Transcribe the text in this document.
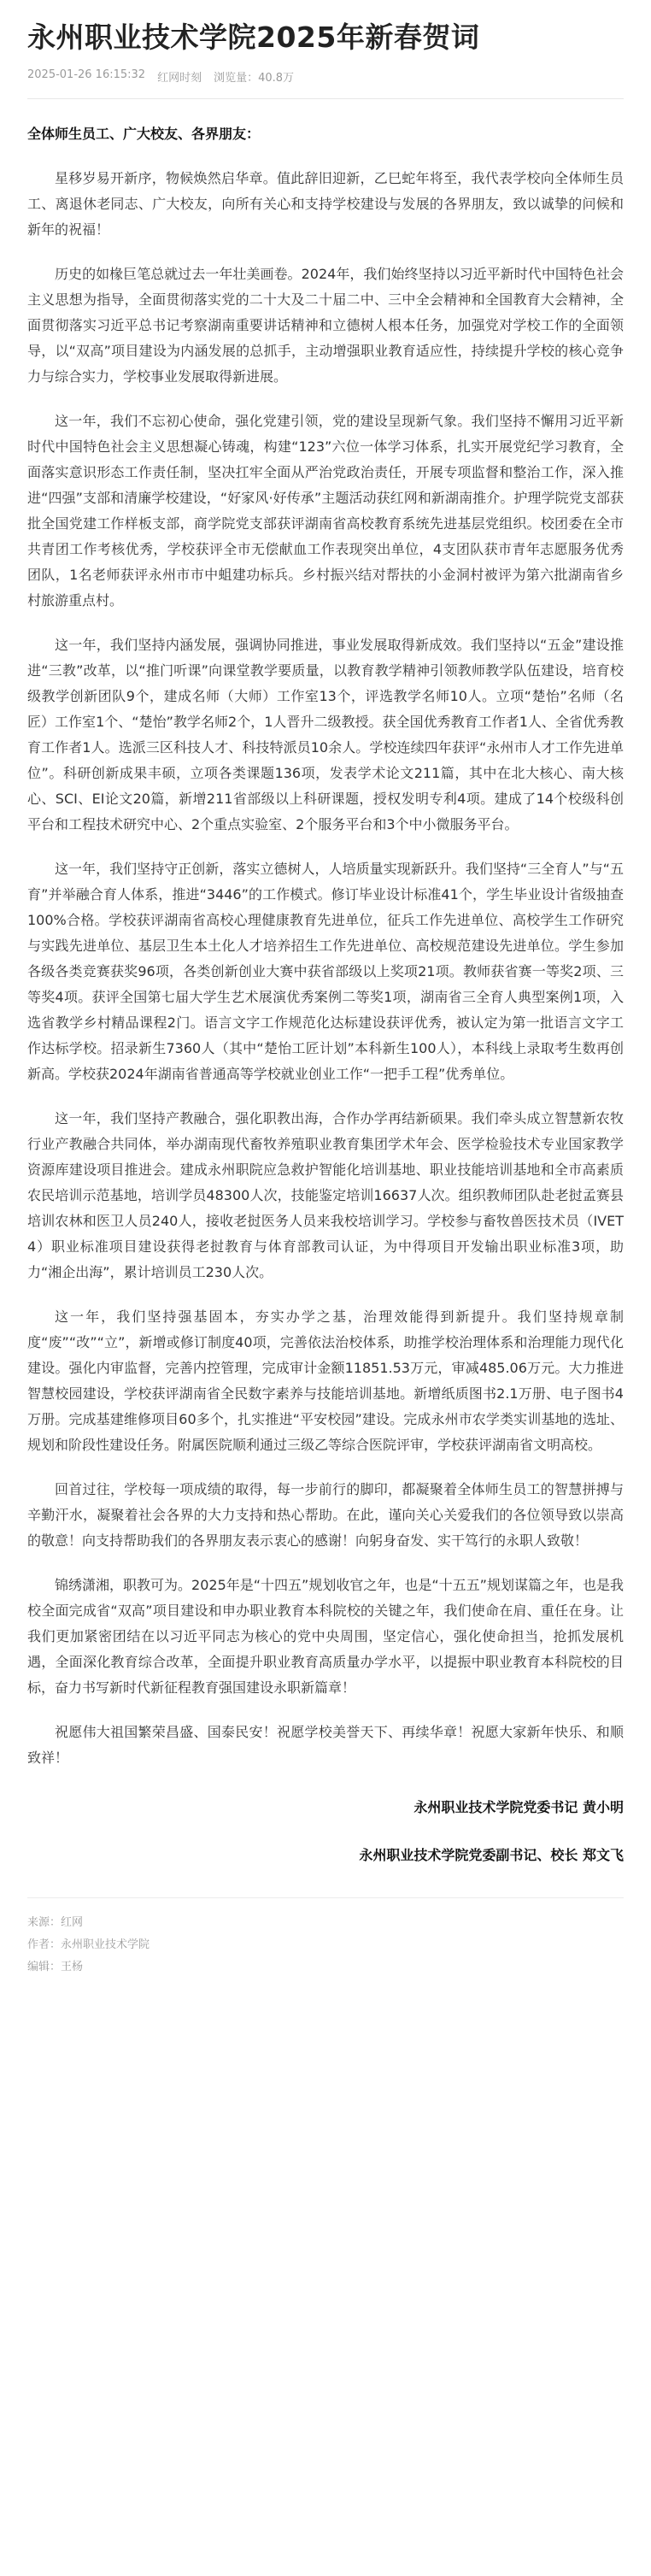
永州职业技术学院2025年新春贺词
2025-01-26 16:15:32 红网时刻 浏览量：40.8万

全体师生员工、广大校友、各界朋友：

星移岁易开新序，物候焕然启华章。值此辞旧迎新，乙巳蛇年将至，我代表学校向全体师生员工、离退休老同志、广大校友，向所有关心和支持学校建设与发展的各界朋友，致以诚挚的问候和新年的祝福！

历史的如椽巨笔总就过去一年壮美画卷。2024年，我们始终坚持以习近平新时代中国特色社会主义思想为指导，全面贯彻落实党的二十大及二十届二中、三中全会精神和全国教育大会精神，全面贯彻落实习近平总书记考察湖南重要讲话精神和立德树人根本任务，加强党对学校工作的全面领导，以“双高”项目建设为内涵发展的总抓手，主动增强职业教育适应性，持续提升学校的核心竞争力与综合实力，学校事业发展取得新进展。

这一年，我们不忘初心使命，强化党建引领，党的建设呈现新气象。我们坚持不懈用习近平新时代中国特色社会主义思想凝心铸魂，构建“123”六位一体学习体系，扎实开展党纪学习教育，全面落实意识形态工作责任制，坚决扛牢全面从严治党政治责任，开展专项监督和整治工作，深入推进“四强”支部和清廉学校建设，“好家风·好传承”主题活动获红网和新湖南推介。护理学院党支部获批全国党建工作样板支部，商学院党支部获评湖南省高校教育系统先进基层党组织。校团委在全市共青团工作考核优秀，学校获评全市无偿献血工作表现突出单位，4支团队获市青年志愿服务优秀团队，1名老师获评永州市市中蛆建功标兵。乡村振兴结对帮扶的小金洞村被评为第六批湖南省乡村旅游重点村。

这一年，我们坚持内涵发展，强调协同推进，事业发展取得新成效。我们坚持以“五金”建设推进“三教”改革，以“推门听课”向课堂教学要质量，以教育教学精神引领教师教学队伍建设，培育校级教学创新团队9个，建成名师（大师）工作室13个，评选教学名师10人。立项“楚怡”名师（名匠）工作室1个、“楚怡”教学名师2个，1人晋升二级教授。获全国优秀教育工作者1人、全省优秀教育工作者1人。选派三区科技人才、科技特派员10余人。学校连续四年获评“永州市人才工作先进单位”。科研创新成果丰硕，立项各类课题136项，发表学术论文211篇，其中在北大核心、南大核心、SCI、EI论文20篇，新增211省部级以上科研课题，授权发明专利4项。建成了14个校级科创平台和工程技术研究中心、2个重点实验室、2个服务平台和3个中小微服务平台。

这一年，我们坚持守正创新，落实立德树人，人培质量实现新跃升。我们坚持“三全育人”与“五育”并举融合育人体系，推进“3446”的工作模式。修订毕业设计标准41个，学生毕业设计省级抽查100%合格。学校获评湖南省高校心理健康教育先进单位，征兵工作先进单位、高校学生工作研究与实践先进单位、基层卫生本土化人才培养招生工作先进单位、高校规范建设先进单位。学生参加各级各类竞赛获奖96项，各类创新创业大赛中获省部级以上奖项21项。教师获省赛一等奖2项、三等奖4项。获评全国第七届大学生艺术展演优秀案例二等奖1项，湖南省三全育人典型案例1项，入选省教学乡村精品课程2门。语言文字工作规范化达标建设获评优秀，被认定为第一批语言文字工作达标学校。招录新生7360人（其中“楚怡工匠计划”本科新生100人），本科线上录取考生数再创新高。学校获2024年湖南省普通高等学校就业创业工作“一把手工程”优秀单位。

这一年，我们坚持产教融合，强化职教出海，合作办学再结新硕果。我们牵头成立智慧新农牧行业产教融合共同体，举办湖南现代畜牧养殖职业教育集团学术年会、医学检验技术专业国家教学资源库建设项目推进会。建成永州职院应急救护智能化培训基地、职业技能培训基地和全市高素质农民培训示范基地，培训学员48300人次，技能鉴定培训16637人次。组织教师团队赴老挝孟赛县培训农林和医卫人员240人，接收老挝医务人员来我校培训学习。学校参与畜牧兽医技术员（IVET4）职业标准项目建设获得老挝教育与体育部教司认证，为中得项目开发输出职业标准3项，助力“湘企出海”，累计培训员工230人次。

这一年，我们坚持强基固本，夯实办学之基，治理效能得到新提升。我们坚持规章制度“废”“改”“立”，新增或修订制度40项，完善依法治校体系，助推学校治理体系和治理能力现代化建设。强化内审监督，完善内控管理，完成审计金额11851.53万元，审减485.06万元。大力推进智慧校园建设，学校获评湖南省全民数字素养与技能培训基地。新增纸质图书2.1万册、电子图书4万册。完成基建维修项目60多个，扎实推进“平安校园”建设。完成永州市农学类实训基地的选址、规划和阶段性建设任务。附属医院顺利通过三级乙等综合医院评审，学校获评湖南省文明高校。

回首过往，学校每一项成绩的取得，每一步前行的脚印，都凝聚着全体师生员工的智慧拼搏与辛勤汗水，凝聚着社会各界的大力支持和热心帮助。在此，谨向关心关爱我们的各位领导致以崇高的敬意！向支持帮助我们的各界朋友表示衷心的感谢！向躬身奋发、实干笃行的永职人致敬！

锦绣潇湘，职教可为。2025年是“十四五”规划收官之年，也是“十五五”规划谋篇之年，也是我校全面完成省“双高”项目建设和申办职业教育本科院校的关键之年，我们使命在肩、重任在身。让我们更加紧密团结在以习近平同志为核心的党中央周围，坚定信心，强化使命担当，抢抓发展机遇，全面深化教育综合改革，全面提升职业教育高质量办学水平，以提振中职业教育本科院校的目标，奋力书写新时代新征程教育强国建设永职新篇章！

祝愿伟大祖国繁荣昌盛、国泰民安！祝愿学校美誉天下、再续华章！祝愿大家新年快乐、和顺致祥！

永州职业技术学院党委书记 黄小明
永州职业技术学院党委副书记、校长 郑文飞
来源：红网
作者：永州职业技术学院
编辑：王杨
